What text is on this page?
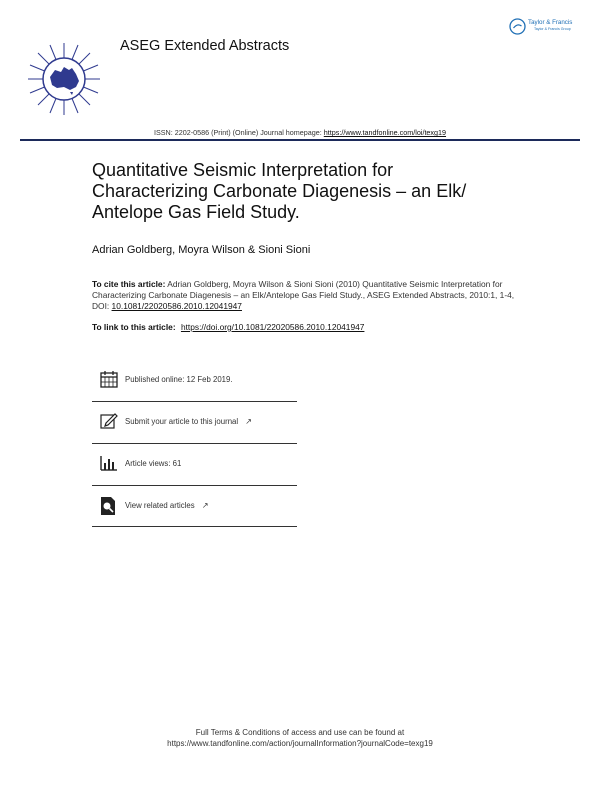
ASEG Extended Abstracts
Taylor & Francis
Taylor & Francis Group
ISSN: 2202-0586 (Print) (Online) Journal homepage: https://www.tandfonline.com/loi/texg19
Quantitative Seismic Interpretation for Characterizing Carbonate Diagenesis – an Elk/ Antelope Gas Field Study.
Adrian Goldberg, Moyra Wilson & Sioni Sioni
To cite this article: Adrian Goldberg, Moyra Wilson & Sioni Sioni (2010) Quantitative Seismic Interpretation for Characterizing Carbonate Diagenesis – an Elk/Antelope Gas Field Study., ASEG Extended Abstracts, 2010:1, 1-4, DOI: 10.1081/22020586.2010.12041947
To link to this article: https://doi.org/10.1081/22020586.2010.12041947
Published online: 12 Feb 2019.
Submit your article to this journal ↗
Article views: 61
View related articles ↗
Full Terms & Conditions of access and use can be found at
https://www.tandfonline.com/action/journalInformation?journalCode=texg19
